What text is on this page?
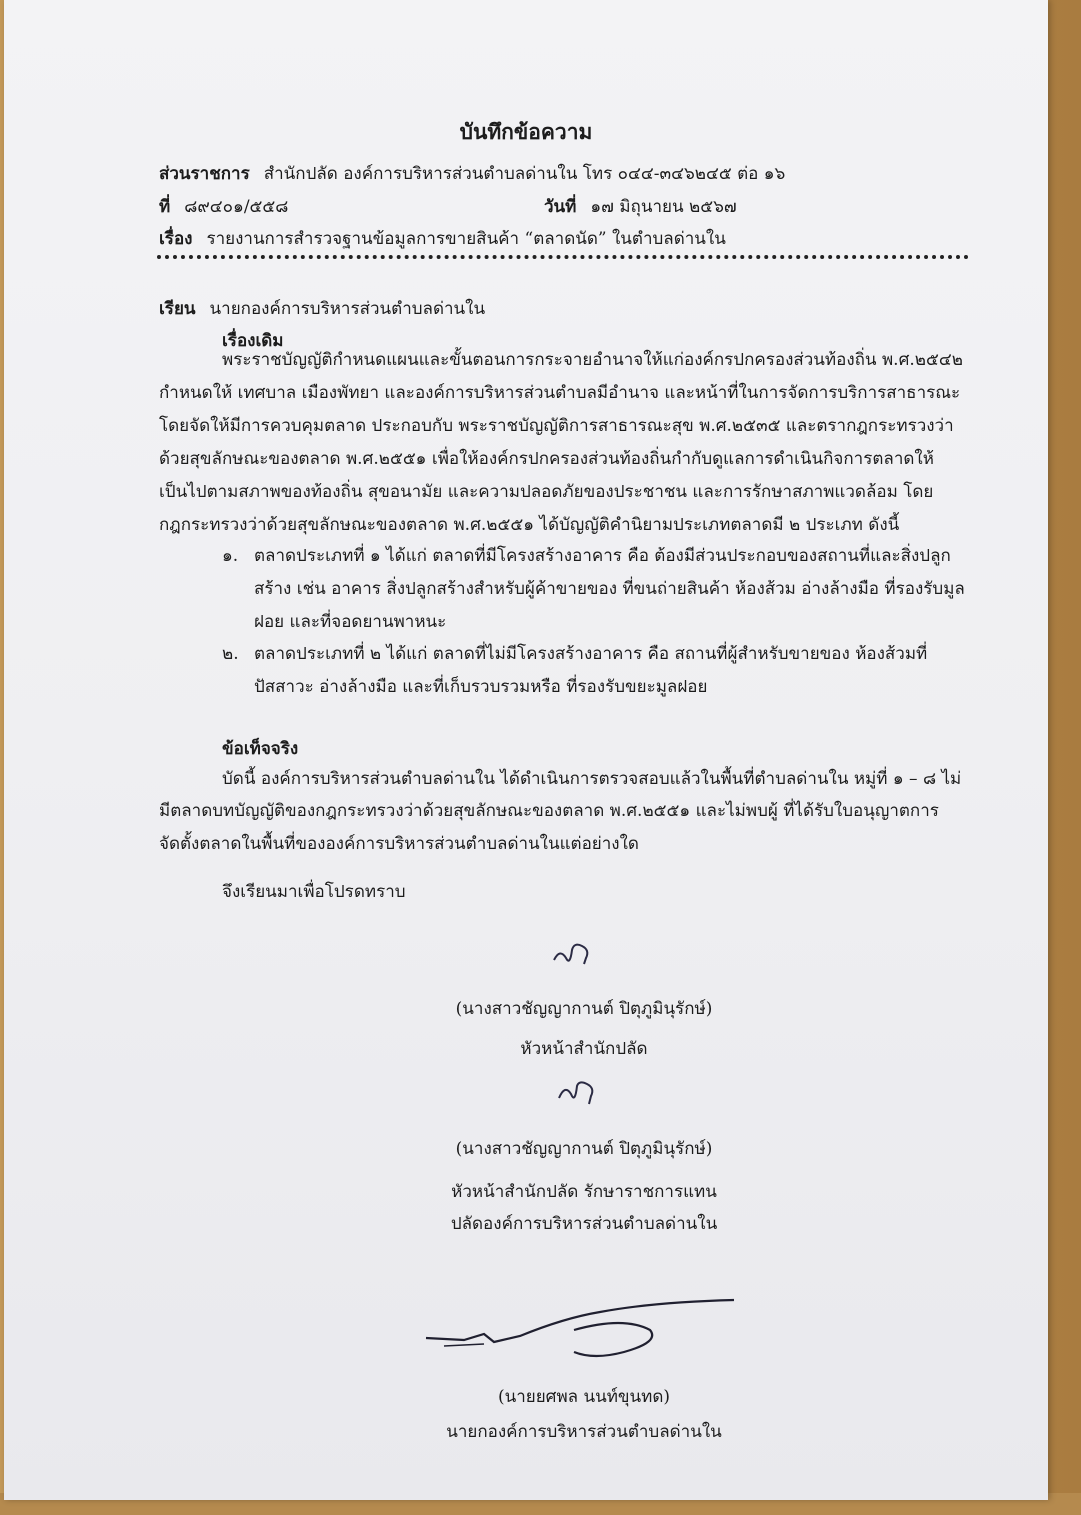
บันทึกข้อความ
ส่วนราชการ สำนักปลัด องค์การบริหารส่วนตำบลด่านใน โทร ๐๔๔-๓๔๖๒๔๕ ต่อ ๑๖
ที่ ๘๙๔๐๑/๕๕๘	วันที่ ๑๗ มิถุนายน ๒๕๖๗
เรื่อง รายงานการสำรวจฐานข้อมูลการขายสินค้า “ตลาดนัด” ในตำบลด่านใน
เรียน นายกองค์การบริหารส่วนตำบลด่านใน
เรื่องเดิม
พระราชบัญญัติกำหนดแผนและขั้นตอนการกระจายอำนาจให้แก่องค์กรปกครองส่วนท้องถิ่น พ.ศ.๒๕๔๒
กำหนดให้ เทศบาล เมืองพัทยา และองค์การบริหารส่วนตำบลมีอำนาจ และหน้าที่ในการจัดการบริการสาธารณะ
โดยจัดให้มีการควบคุมตลาด ประกอบกับ พระราชบัญญัติการสาธารณะสุข พ.ศ.๒๕๓๕ และตรากฎกระทรวงว่า
ด้วยสุขลักษณะของตลาด พ.ศ.๒๕๕๑ เพื่อให้องค์กรปกครองส่วนท้องถิ่นกำกับดูแลการดำเนินกิจการตลาดให้
เป็นไปตามสภาพของท้องถิ่น สุขอนามัย และความปลอดภัยของประชาชน และการรักษาสภาพแวดล้อม โดย
กฎกระทรวงว่าด้วยสุขลักษณะของตลาด พ.ศ.๒๕๕๑ ได้บัญญัติคำนิยามประเภทตลาดมี ๒ ประเภท ดังนี้
๑. ตลาดประเภทที่ ๑ ได้แก่ ตลาดที่มีโครงสร้างอาคาร คือ ต้องมีส่วนประกอบของสถานที่และสิ่งปลูก
สร้าง เช่น อาคาร สิ่งปลูกสร้างสำหรับผู้ค้าขายของ ที่ขนถ่ายสินค้า ห้องส้วม อ่างล้างมือ ที่รองรับมูล
ฝอย และที่จอดยานพาหนะ
๒. ตลาดประเภทที่ ๒ ได้แก่ ตลาดที่ไม่มีโครงสร้างอาคาร คือ สถานที่ผู้สำหรับขายของ ห้องส้วมที่
ปัสสาวะ อ่างล้างมือ และที่เก็บรวบรวมหรือ ที่รองรับขยะมูลฝอย
ข้อเท็จจริง
บัดนี้ องค์การบริหารส่วนตำบลด่านใน ได้ดำเนินการตรวจสอบแล้วในพื้นที่ตำบลด่านใน หมู่ที่ ๑ – ๘ ไม่
มีตลาดบทบัญญัติของกฎกระทรวงว่าด้วยสุขลักษณะของตลาด พ.ศ.๒๕๕๑ และไม่พบผู้ ที่ได้รับใบอนุญาตการ
จัดตั้งตลาดในพื้นที่ขององค์การบริหารส่วนตำบลด่านในแต่อย่างใด
จึงเรียนมาเพื่อโปรดทราบ
(นางสาวชัญญากานต์ ปิตุภูมินุรักษ์)
หัวหน้าสำนักปลัด
(นางสาวชัญญากานต์ ปิตุภูมินุรักษ์)
หัวหน้าสำนักปลัด รักษาราชการแทน
ปลัดองค์การบริหารส่วนตำบลด่านใน
(นายยศพล นนท์ขุนทด)
นายกองค์การบริหารส่วนตำบลด่านใน
